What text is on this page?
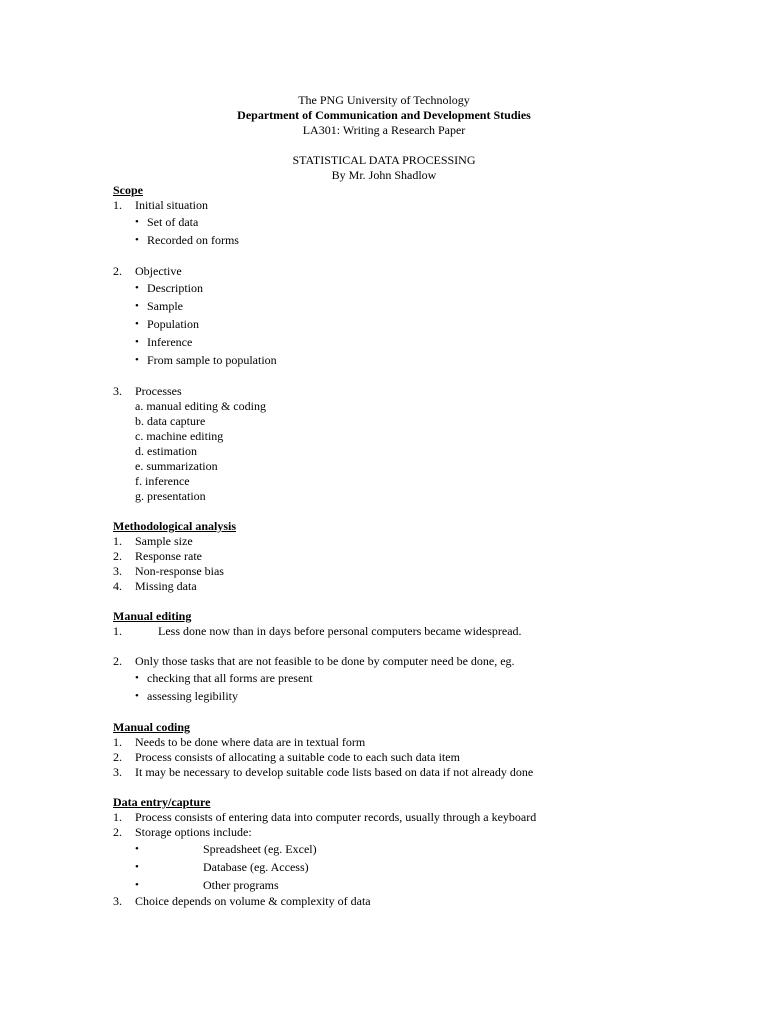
The PNG University of Technology
Department of Communication and Development Studies
LA301: Writing a Research Paper
STATISTICAL DATA PROCESSING
By Mr. John Shadlow
Scope
1.	Initial situation
• Set of data
• Recorded on forms
2.	Objective
• Description
• Sample
• Population
• Inference
• From sample to population
3.	Processes
a. manual editing & coding
b. data capture
c. machine editing
d. estimation
e. summarization
f. inference
g. presentation
Methodological analysis
1.	Sample size
2.	Response rate
3.	Non-response bias
4.	Missing data
Manual editing
1.	Less done now than in days before personal computers became widespread.
2.	Only those tasks that are not feasible to be done by computer need be done, eg.
• checking that all forms are present
• assessing legibility
Manual coding
1.	Needs to be done where data are in textual form
2.	Process consists of allocating a suitable code to each such data item
3.	It may be necessary to develop suitable code lists based on data if not already done
Data entry/capture
1.	Process consists of entering data into computer records, usually through a keyboard
2.	Storage options include:
•	Spreadsheet (eg. Excel)
•	Database (eg. Access)
•	Other programs
3.	Choice depends on volume & complexity of data
